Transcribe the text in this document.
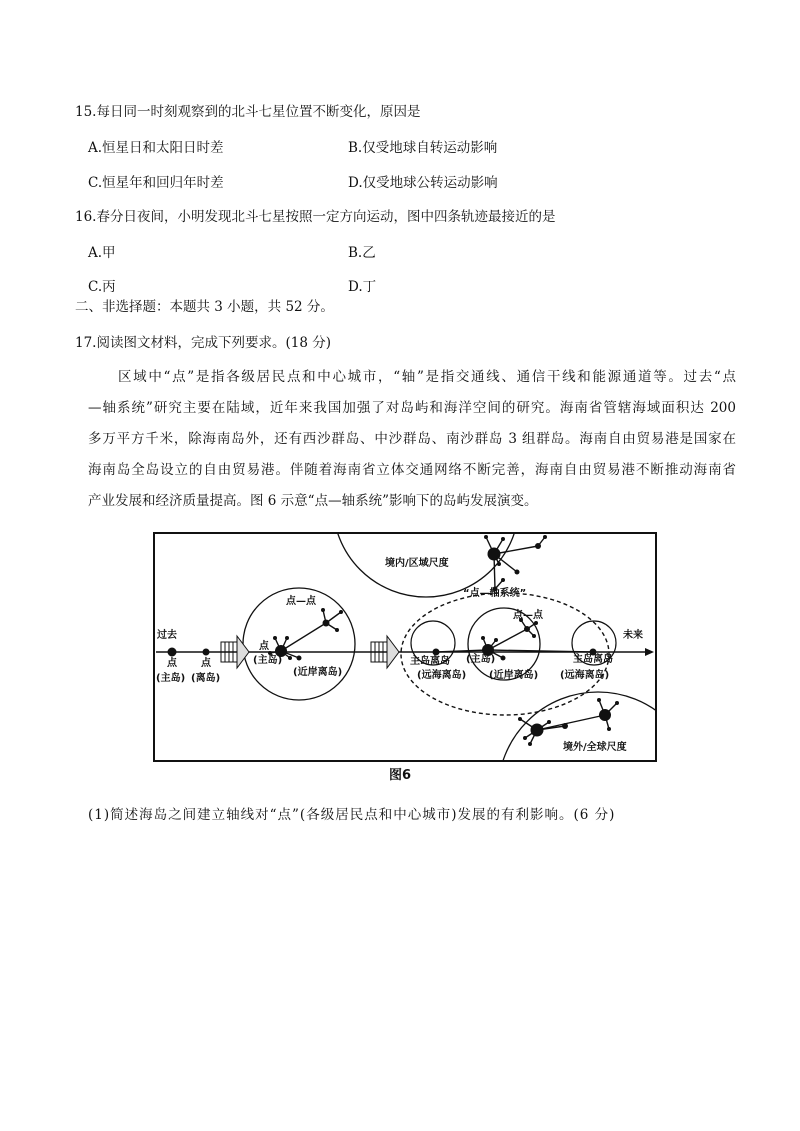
15.每日同一时刻观察到的北斗七星位置不断变化，原因是
A.恒星日和太阳日时差	B.仅受地球自转运动影响
C.恒星年和回归年时差	D.仅受地球公转运动影响
16.春分日夜间，小明发现北斗七星按照一定方向运动，图中四条轨迹最接近的是
A.甲	B.乙
C.丙	D.丁
二、非选择题：本题共 3 小题，共 52 分。
17.阅读图文材料，完成下列要求。(18 分)

区域中“点”是指各级居民点和中心城市，“轴”是指交通线、通信干线和能源通道等。过去“点

—轴系统”研究主要在陆域，近年来我国加强了对岛屿和海洋空间的研究。海南省管辖海域面积达 200

多万平方千米，除海南岛外，还有西沙群岛、中沙群岛、南沙群岛 3 组群岛。海南自由贸易港是国家在

海南岛全岛设立的自由贸易港。伴随着海南省立体交通网络不断完善，海南自由贸易港不断推动海南省

产业发展和经济质量提高。图 6 示意“点—轴系统”影响下的岛屿发展演变。

过去	未来
点 点
(主岛) (离岛)
点—点
点
(主岛)
(近岸离岛)
境内/区域尺度
“点—轴系统”
点—点
主岛离岛 (主岛)	主岛离岛
(远海离岛) (近岸离岛) (远海离岛)
境外/全球尺度
图6
(1)简述海岛之间建立轴线对“点”(各级居民点和中心城市)发展的有利影响。(6 分)
